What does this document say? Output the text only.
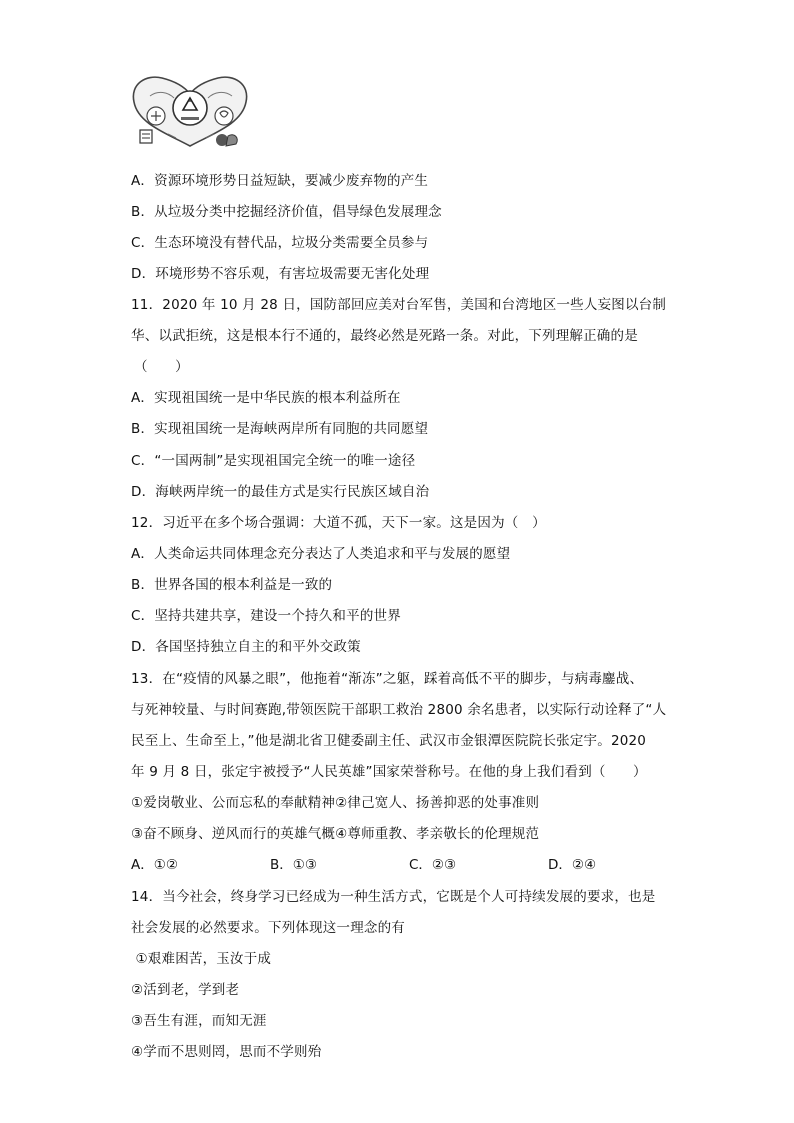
A．资源环境形势日益短缺，要减少废弃物的产生
B．从垃圾分类中挖掘经济价值，倡导绿色发展理念
C．生态环境没有替代品，垃圾分类需要全员参与
D．环境形势不容乐观，有害垃圾需要无害化处理
11．2020 年 10 月 28 日，国防部回应美对台军售，美国和台湾地区一些人妄图以台制
华、以武拒统，这是根本行不通的，最终必然是死路一条。对此，下列理解正确的是
（　　）
A．实现祖国统一是中华民族的根本利益所在
B．实现祖国统一是海峡两岸所有同胞的共同愿望
C．“一国两制”是实现祖国完全统一的唯一途径
D．海峡两岸统一的最佳方式是实行民族区域自治
12．习近平在多个场合强调：大道不孤，天下一家。这是因为（　）
A．人类命运共同体理念充分表达了人类追求和平与发展的愿望
B．世界各国的根本利益是一致的
C．坚持共建共享，建设一个持久和平的世界
D．各国坚持独立自主的和平外交政策
13．在“疫情的风暴之眼”，他拖着“渐冻”之躯，踩着高低不平的脚步，与病毒鏖战、
与死神较量、与时间赛跑,带领医院干部职工救治 2800 余名患者，以实际行动诠释了“人
民至上、生命至上，”他是湖北省卫健委副主任、武汉市金银潭医院院长张定宇。2020
年 9 月 8 日，张定宇被授予“人民英雄”国家荣誉称号。在他的身上我们看到（　　）
①爱岗敬业、公而忘私的奉献精神②律己宽人、扬善抑恶的处事准则
③奋不顾身、逆风而行的英雄气概④尊师重教、孝亲敬长的伦理规范
A．①②	B．①③	C．②③	D．②④
14．当今社会，终身学习已经成为一种生活方式，它既是个人可持续发展的要求，也是
社会发展的必然要求。下列体现这一理念的有
①艰难困苦，玉汝于成
②活到老，学到老
③吾生有涯，而知无涯
④学而不思则罔，思而不学则殆
